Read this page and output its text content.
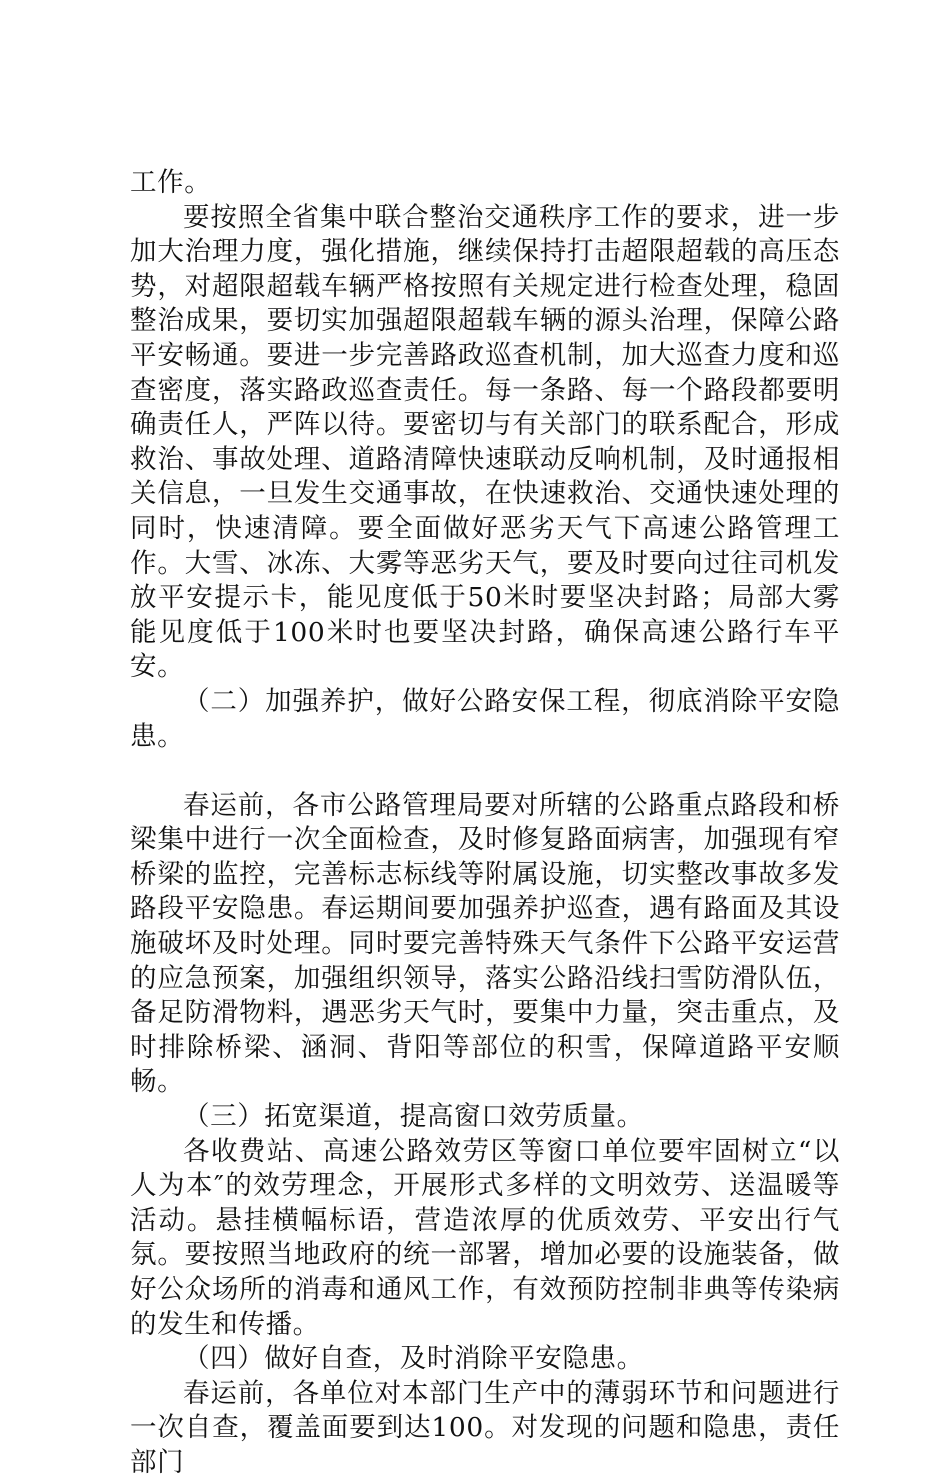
工作。

要按照全省集中联合整治交通秩序工作的要求，进一步加大治理力度，强化措施，继续保持打击超限超载的高压态势，对超限超载车辆严格按照有关规定进行检查处理，稳固整治成果，要切实加强超限超载车辆的源头治理，保障公路平安畅通。要进一步完善路政巡查机制，加大巡查力度和巡查密度，落实路政巡查责任。每一条路、每一个路段都要明确责任人，严阵以待。要密切与有关部门的联系配合，形成救治、事故处理、道路清障快速联动反响机制，及时通报相关信息，一旦发生交通事故，在快速救治、交通快速处理的同时，快速清障。要全面做好恶劣天气下高速公路管理工作。大雪、冰冻、大雾等恶劣天气，要及时要向过往司机发放平安提示卡，能见度低于50米时要坚决封路；局部大雾能见度低于100米时也要坚决封路，确保高速公路行车平安。

（二）加强养护，做好公路安保工程，彻底消除平安隐患。

春运前，各市公路管理局要对所辖的公路重点路段和桥梁集中进行一次全面检查，及时修复路面病害，加强现有窄桥梁的监控，完善标志标线等附属设施，切实整改事故多发路段平安隐患。春运期间要加强养护巡查，遇有路面及其设施破坏及时处理。同时要完善特殊天气条件下公路平安运营的应急预案，加强组织领导，落实公路沿线扫雪防滑队伍，备足防滑物料，遇恶劣天气时，要集中力量，突击重点，及时排除桥梁、涵洞、背阳等部位的积雪，保障道路平安顺畅。

（三）拓宽渠道，提高窗口效劳质量。

各收费站、高速公路效劳区等窗口单位要牢固树立“以人为本″的效劳理念，开展形式多样的文明效劳、送温暖等活动。悬挂横幅标语，营造浓厚的优质效劳、平安出行气氛。要按照当地政府的统一部署，增加必要的设施装备，做好公众场所的消毒和通风工作，有效预防控制非典等传染病的发生和传播。

（四）做好自查，及时消除平安隐患。

春运前，各单位对本部门生产中的薄弱环节和问题进行一次自查，覆盖面要到达100。对发现的问题和隐患，责任部门
